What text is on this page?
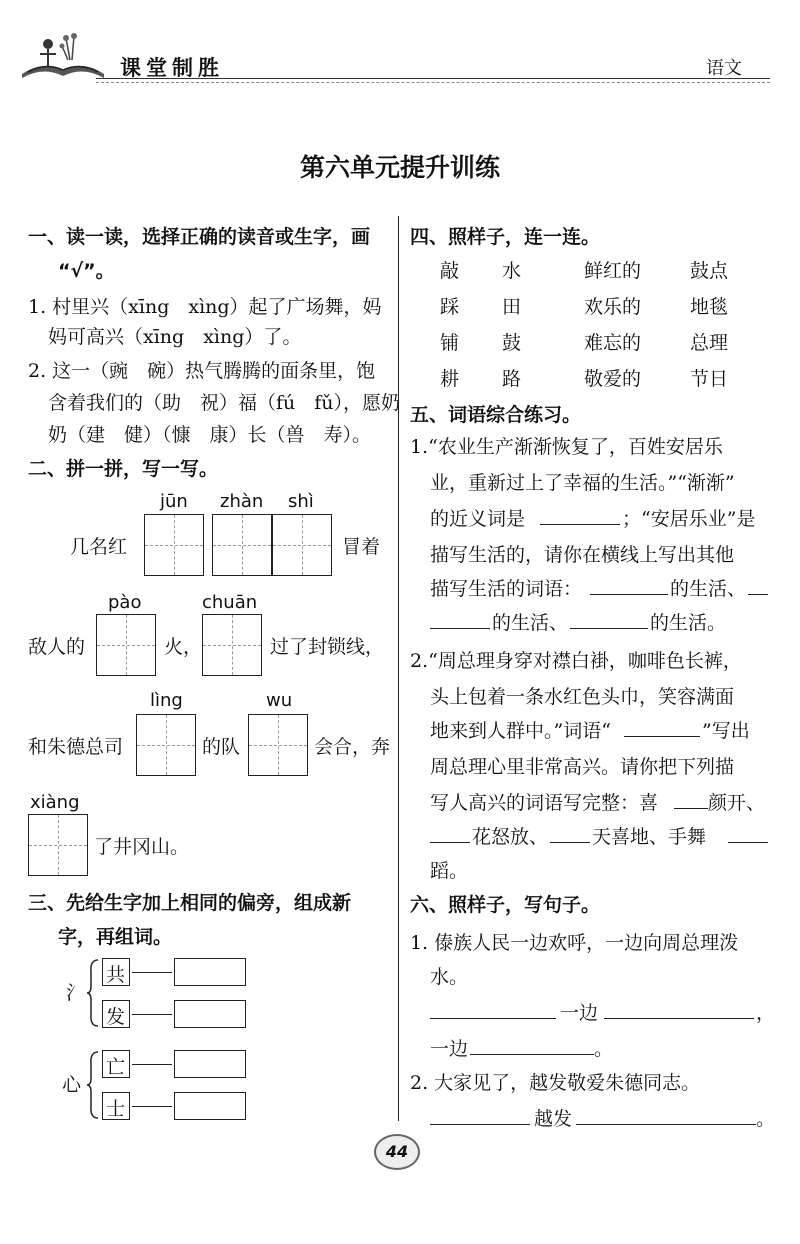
课堂制胜	语文
第六单元提升训练
一、读一读，选择正确的读音或生字，画
“√”。
1. 村里兴（xīng　xìng）起了广场舞，妈
妈可高兴（xīng　xìng）了。
2. 这一（豌　碗）热气腾腾的面条里，饱
含着我们的（助　祝）福（fú　fǔ），愿奶
奶（建　健）（慷　康）长（兽　寿）。
二、拼一拼，写一写。
jūn zhàn shì
几名红	冒着
pào	chuān
敌人的	火，	过了封锁线，
lìng	wu
和朱德总司	的队	会合，奔
xiàng
了井冈山。
三、先给生字加上相同的偏旁，组成新
字，再组词。
氵
共
发
心
亡
士
四、照样子，连一连。
敲 水	鲜红的	鼓点
踩 田	欢乐的	地毯
铺 鼓	难忘的	总理
耕 路	敬爱的	节日
五、词语综合练习。
1.“农业生产渐渐恢复了，百姓安居乐
业，重新过上了幸福的生活。”“渐渐”
的近义词是	；“安居乐业”是
描写生活的，请你在横线上写出其他
描写生活的词语：	的生活、
的生活、	的生活。
2.“周总理身穿对襟白褂，咖啡色长裤，
头上包着一条水红色头巾，笑容满面
地来到人群中。”词语“	”写出
周总理心里非常高兴。请你把下列描
写人高兴的词语写完整：喜	颜开、
花怒放、 天喜地、手舞
蹈。
六、照样子，写句子。
1. 傣族人民一边欢呼，一边向周总理泼
水。
一边	，
一边	。
2. 大家见了，越发敬爱朱德同志。
越发	。
44
